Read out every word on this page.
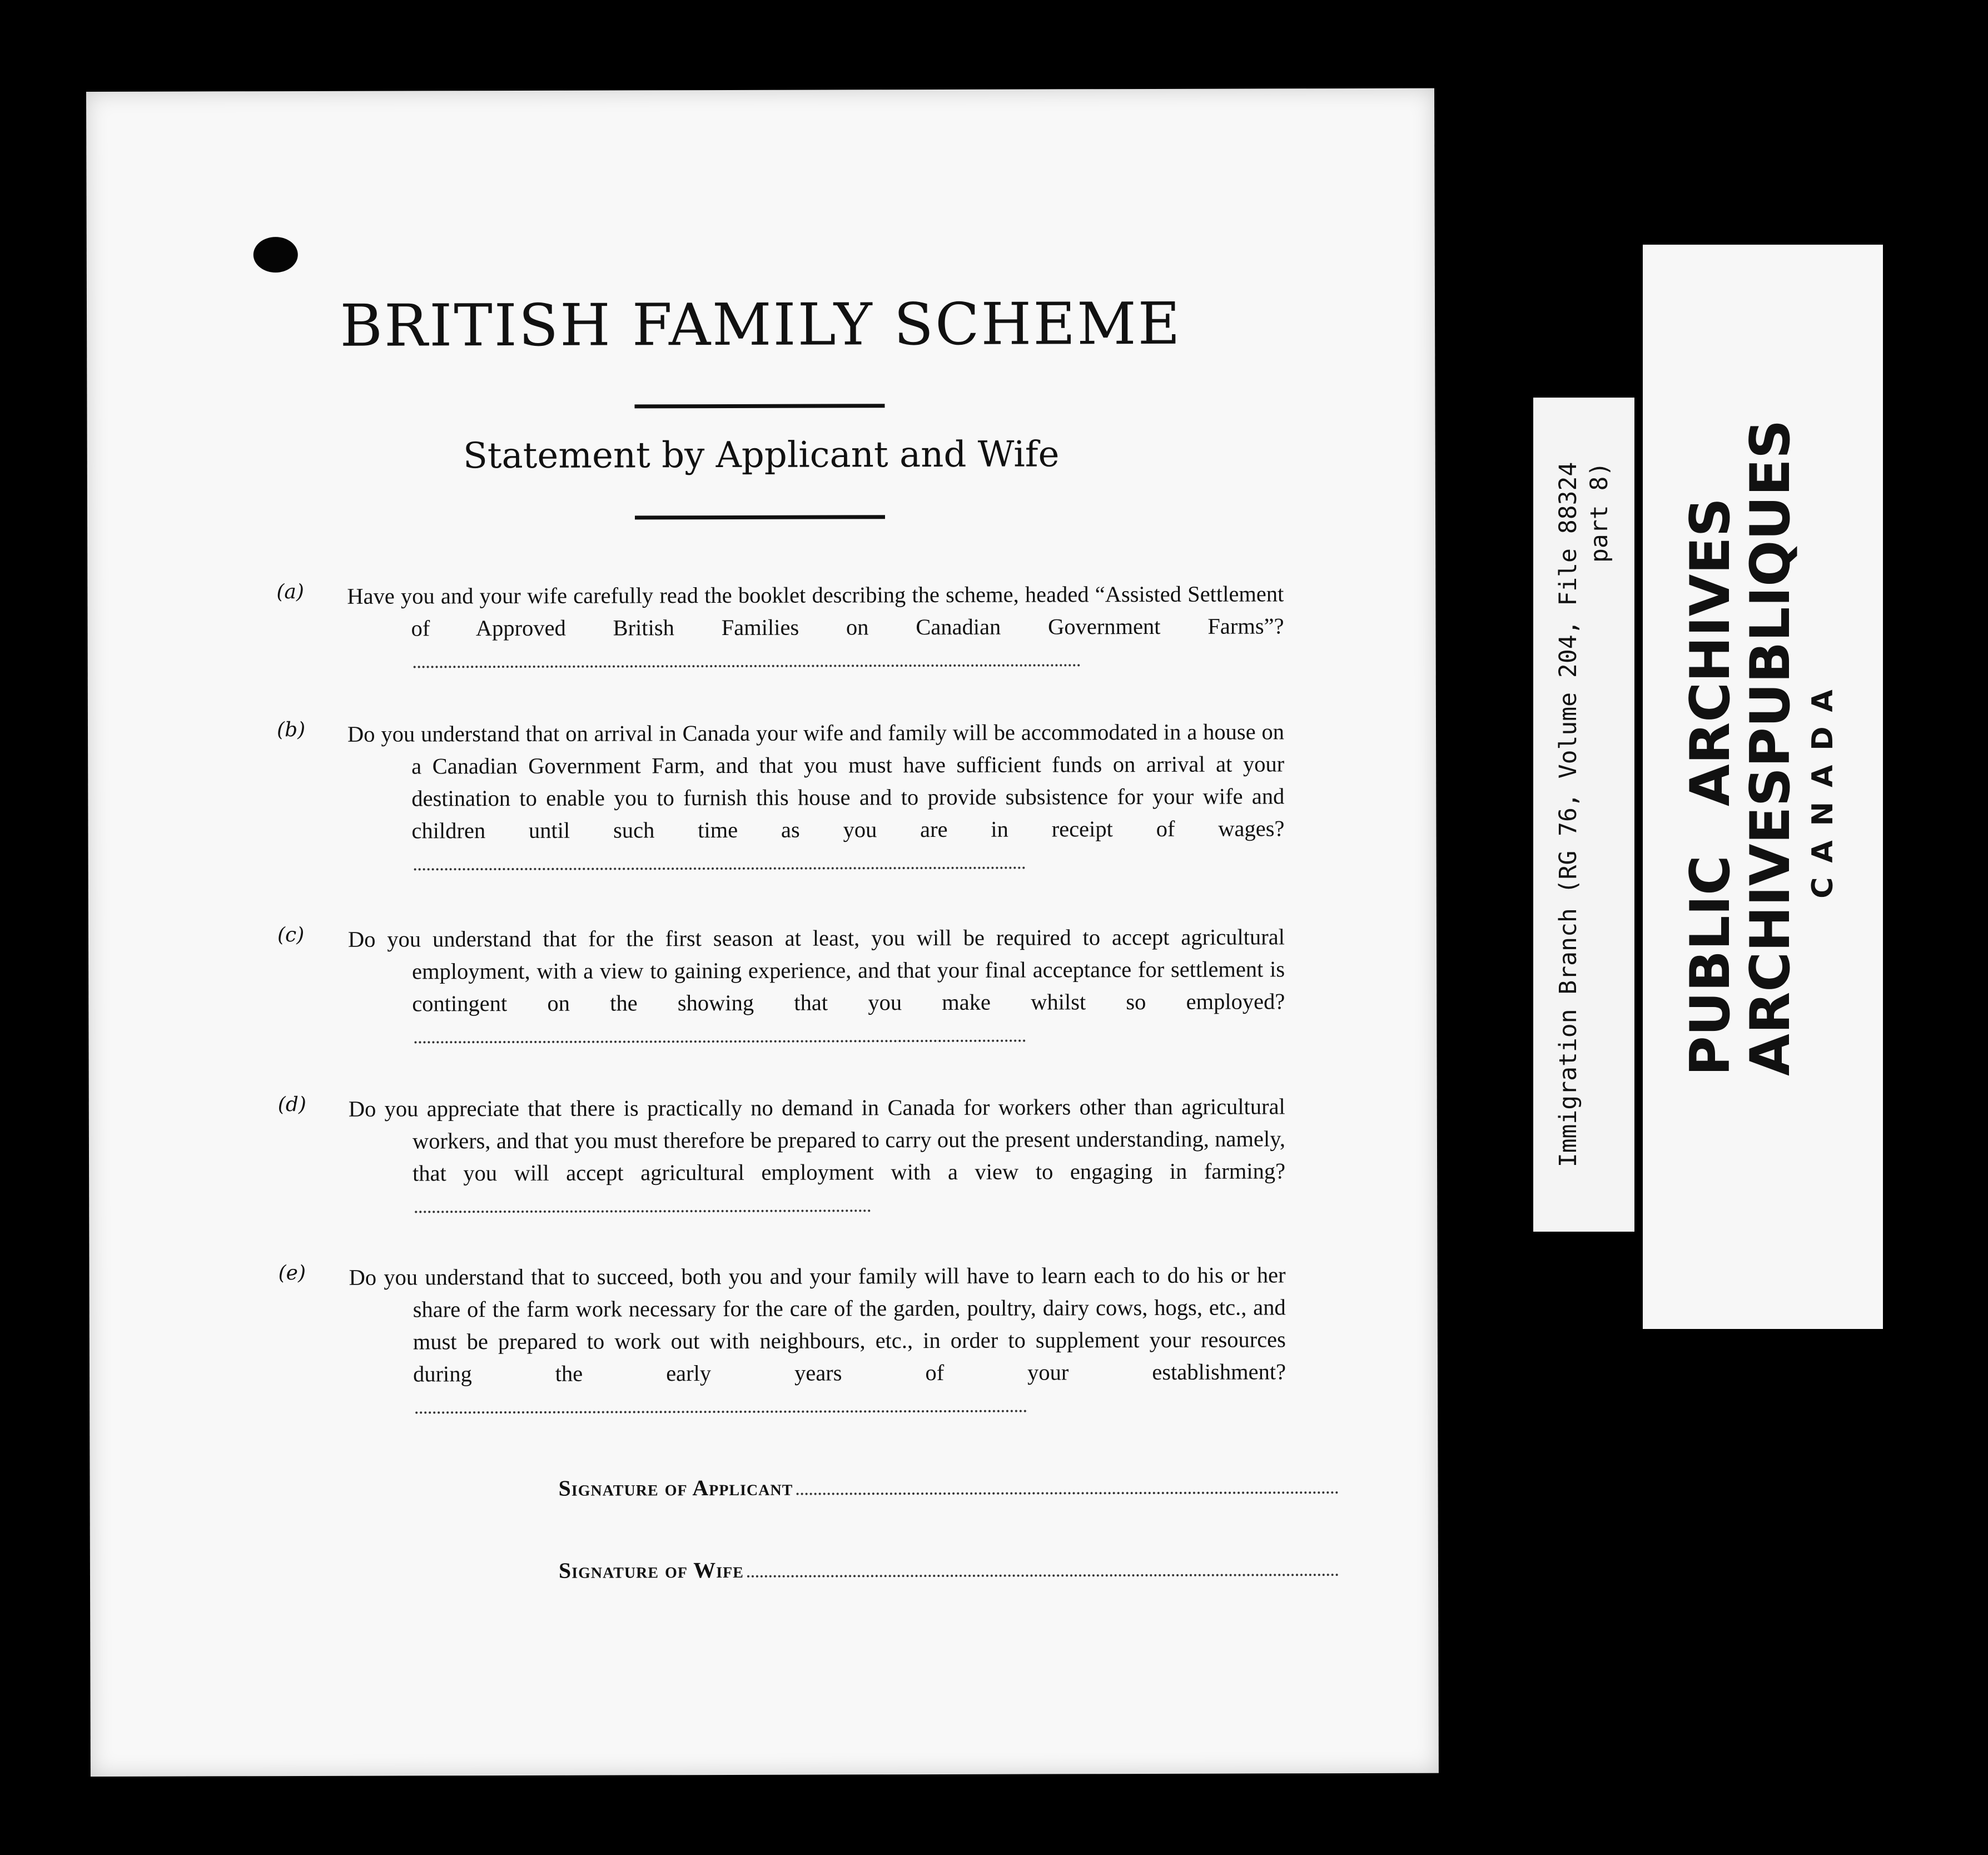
BRITISH FAMILY SCHEME
Statement by Applicant and Wife
(a) Have you and your wife carefully read the booklet describing the scheme, headed “Assisted Settlement of Approved British Families on Canadian Government Farms”?
(b) Do you understand that on arrival in Canada your wife and family will be accommodated in a house on a Canadian Government Farm, and that you must have sufficient funds on arrival at your destination to enable you to furnish this house and to provide subsistence for your wife and children until such time as you are in receipt of wages?
(c) Do you understand that for the first season at least, you will be required to accept agricultural employment, with a view to gaining experience, and that your final acceptance for settlement is contingent on the showing that you make whilst so employed?
(d) Do you appreciate that there is practically no demand in Canada for workers other than agricultural workers, and that you must therefore be prepared to carry out the present understanding, namely, that you will accept agricultural employment with a view to engaging in farming?
(e) Do you understand that to succeed, both you and your family will have to learn each to do his or her share of the farm work necessary for the care of the garden, poultry, dairy cows, hogs, etc., and must be prepared to work out with neighbours, etc., in order to supplement your resources during the early years of your establishment?
Signature of Applicant
Signature of Wife
Immigration Branch (RG 76, Volume 204, File 88324 part 8)
PUBLIC
ARCHIVES
ARCHIVES
PUBLIQUES
CANADA
